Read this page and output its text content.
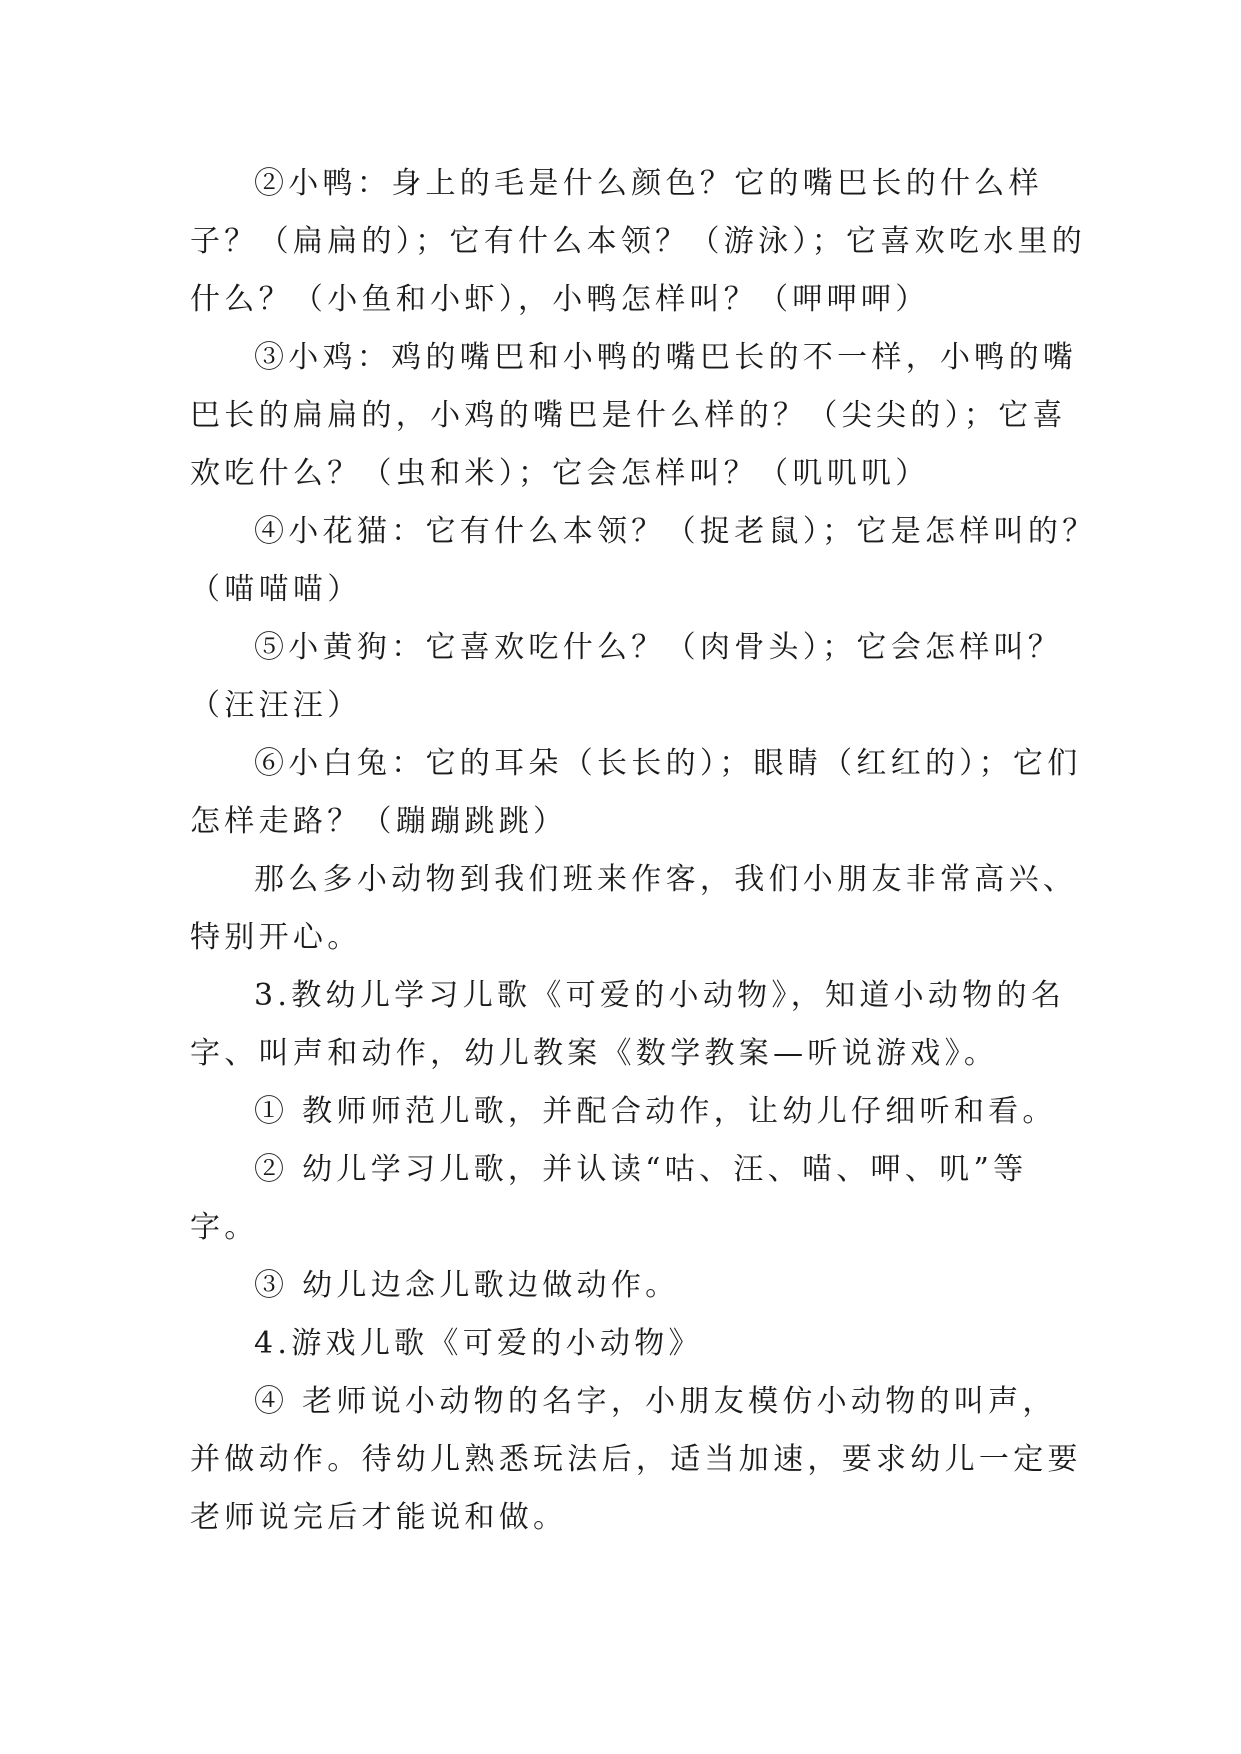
②小鸭：身上的毛是什么颜色？它的嘴巴长的什么样
子？（扁扁的）；它有什么本领？（游泳）；它喜欢吃水里的
什么？（小鱼和小虾），小鸭怎样叫？（呷呷呷）
③小鸡：鸡的嘴巴和小鸭的嘴巴长的不一样，小鸭的嘴
巴长的扁扁的，小鸡的嘴巴是什么样的？（尖尖的）；它喜
欢吃什么？（虫和米）；它会怎样叫？（叽叽叽）
④小花猫：它有什么本领？（捉老鼠）；它是怎样叫的？
（喵喵喵）
⑤小黄狗：它喜欢吃什么？（肉骨头）；它会怎样叫？
（汪汪汪）
⑥小白兔：它的耳朵（长长的）；眼睛（红红的）；它们
怎样走路？（蹦蹦跳跳）
那么多小动物到我们班来作客，我们小朋友非常高兴、
特别开心。
3.教幼儿学习儿歌《可爱的小动物》，知道小动物的名
字、叫声和动作，幼儿教案《数学教案—听说游戏》。
① 教师师范儿歌，并配合动作，让幼儿仔细听和看。
② 幼儿学习儿歌，并认读“咕、汪、喵、呷、叽”等
字。
③ 幼儿边念儿歌边做动作。
4.游戏儿歌《可爱的小动物》
④ 老师说小动物的名字，小朋友模仿小动物的叫声，
并做动作。待幼儿熟悉玩法后，适当加速，要求幼儿一定要
老师说完后才能说和做。
